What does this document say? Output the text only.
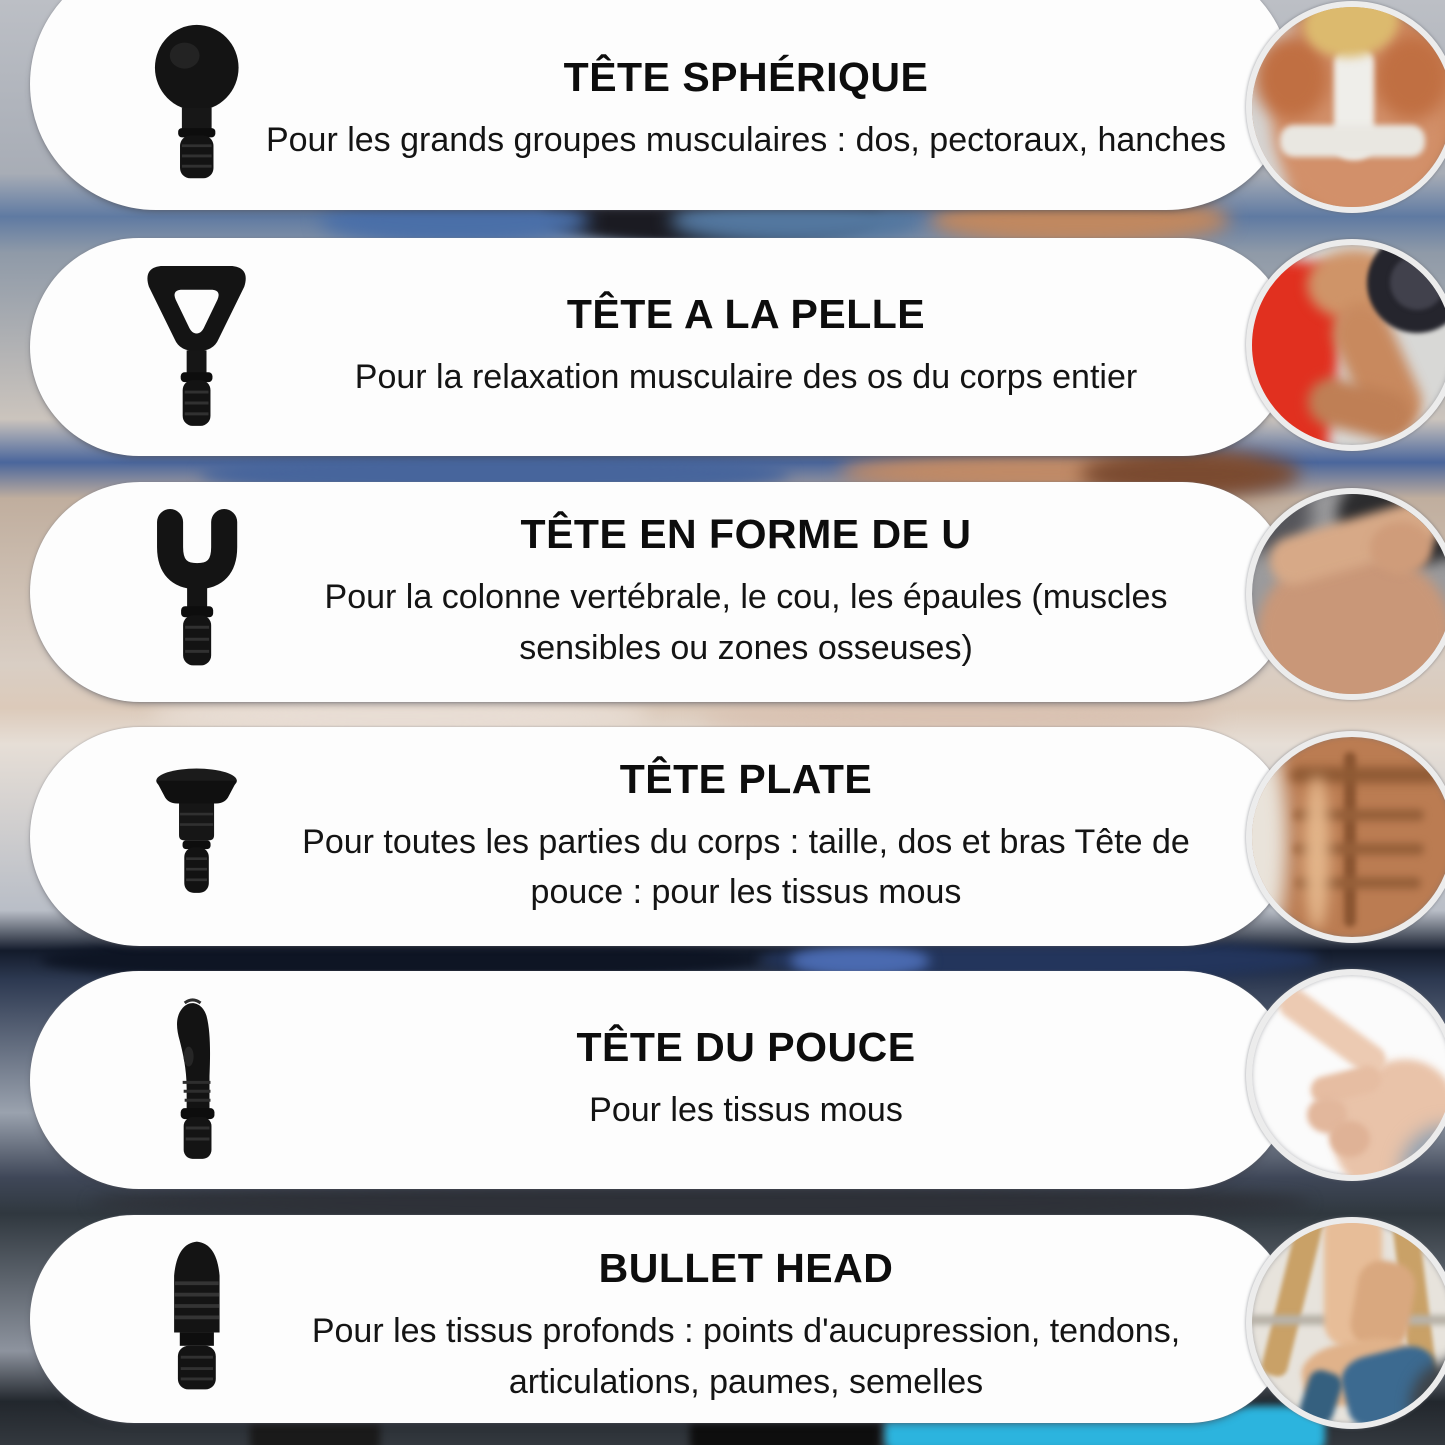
TÊTE SPHÉRIQUE

Pour les grands groupes musculaires : dos, pectoraux, hanches

TÊTE A LA PELLE

Pour la relaxation musculaire des os du corps entier

TÊTE EN FORME DE U

Pour la colonne vertébrale, le cou, les épaules (muscles sensibles ou zones osseuses)

TÊTE PLATE

Pour toutes les parties du corps : taille, dos et bras Tête de pouce : pour les tissus mous

TÊTE DU POUCE

Pour les tissus mous

BULLET HEAD

Pour les tissus profonds : points d'aucupression, tendons, articulations, paumes, semelles
